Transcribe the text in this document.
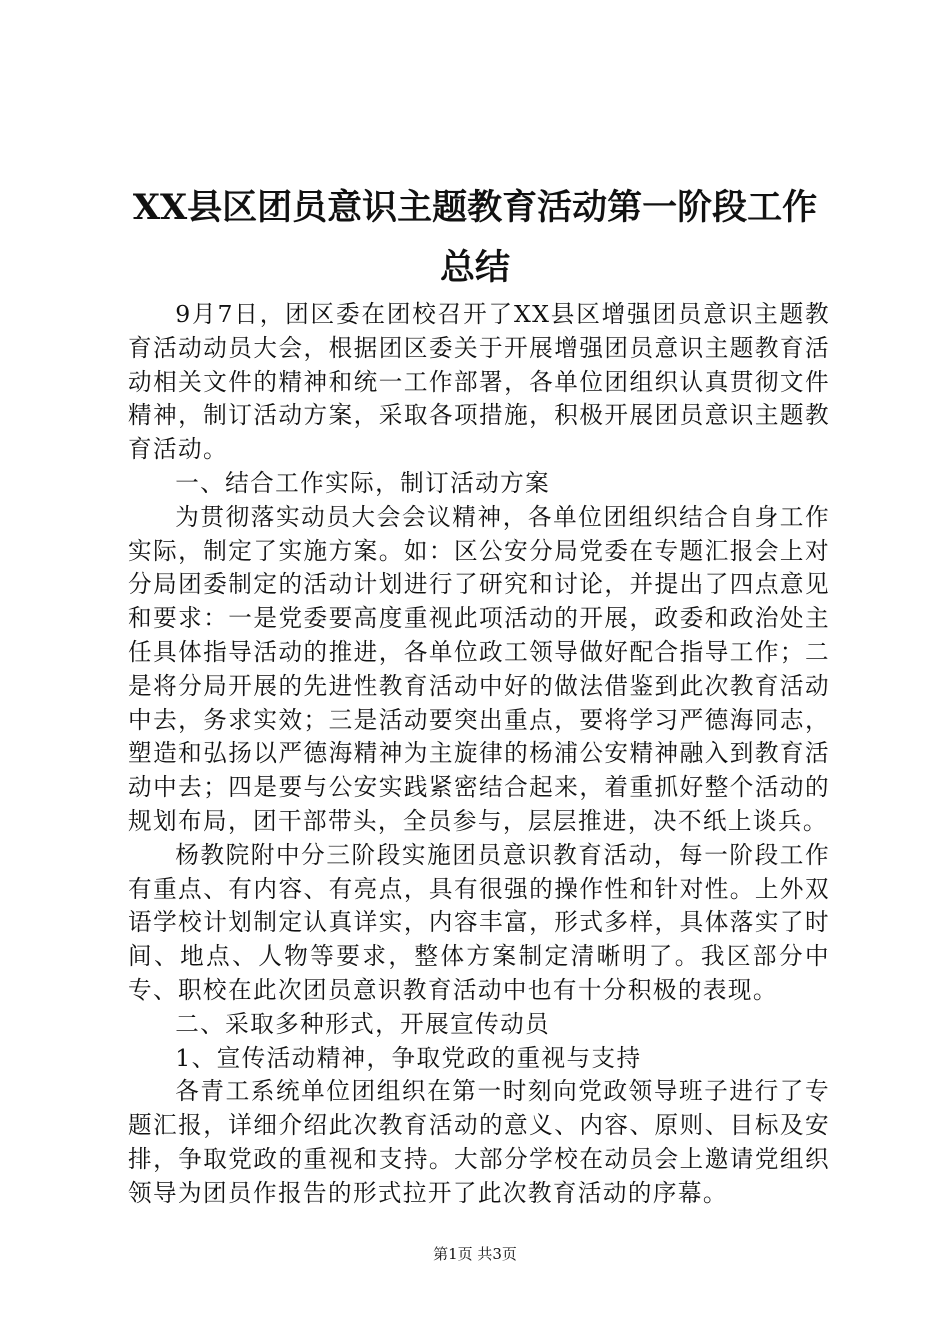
XX县区团员意识主题教育活动第一阶段工作总结

9月7日，团区委在团校召开了XX县区增强团员意识主题教育活动动员大会，根据团区委关于开展增强团员意识主题教育活动相关文件的精神和统一工作部署，各单位团组织认真贯彻文件精神，制订活动方案，采取各项措施，积极开展团员意识主题教育活动。

一、结合工作实际，制订活动方案

为贯彻落实动员大会会议精神，各单位团组织结合自身工作实际，制定了实施方案。如：区公安分局党委在专题汇报会上对分局团委制定的活动计划进行了研究和讨论，并提出了四点意见和要求：一是党委要高度重视此项活动的开展，政委和政治处主任具体指导活动的推进，各单位政工领导做好配合指导工作；二是将分局开展的先进性教育活动中好的做法借鉴到此次教育活动中去，务求实效；三是活动要突出重点，要将学习严德海同志，塑造和弘扬以严德海精神为主旋律的杨浦公安精神融入到教育活动中去；四是要与公安实践紧密结合起来，着重抓好整个活动的规划布局，团干部带头，全员参与，层层推进，决不纸上谈兵。

杨教院附中分三阶段实施团员意识教育活动，每一阶段工作有重点、有内容、有亮点，具有很强的操作性和针对性。上外双语学校计划制定认真详实，内容丰富，形式多样，具体落实了时间、地点、人物等要求，整体方案制定清晰明了。我区部分中专、职校在此次团员意识教育活动中也有十分积极的表现。

二、采取多种形式，开展宣传动员

1、宣传活动精神，争取党政的重视与支持

各青工系统单位团组织在第一时刻向党政领导班子进行了专题汇报，详细介绍此次教育活动的意义、内容、原则、目标及安排，争取党政的重视和支持。大部分学校在动员会上邀请党组织领导为团员作报告的形式拉开了此次教育活动的序幕。

第1页 共3页
